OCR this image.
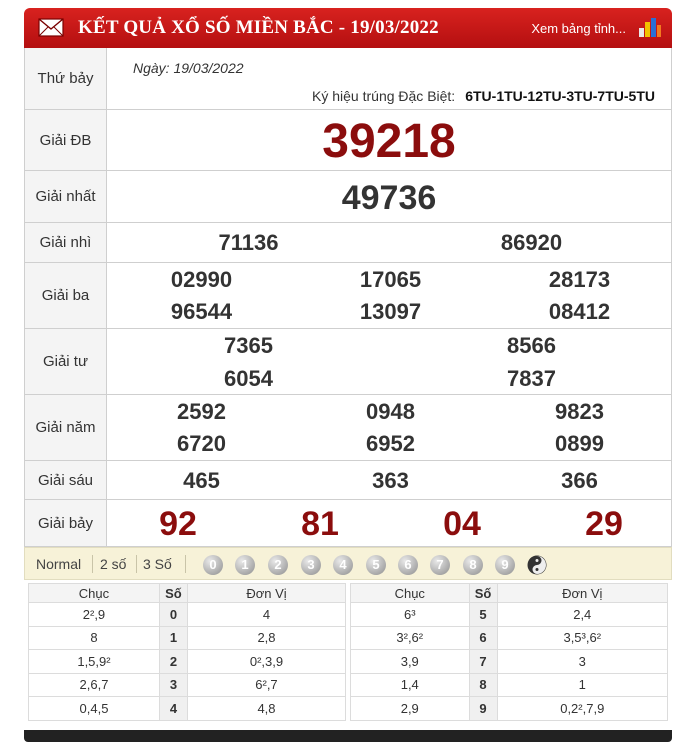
KẾT QUẢ XỔ SỐ MIỀN BẮC - 19/03/2022	Xem bảng tỉnh...
Thứ bảy
Ngày: 19/03/2022
Ký hiệu trúng Đặc Biệt: 6TU-1TU-12TU-3TU-7TU-5TU
Giải ĐB	39218
Giải nhất	49736
Giải nhì	71136	86920
Giải ba
02990	17065	28173
96544	13097	08412
Giải tư
7365	8566
6054	7837
Giải năm
2592	0948	9823
6720	6952	0899
Giải sáu	465	363	366
Giải bảy	92	81	04	29
Normal 2 số 3 Số	0	1	2	3	4	5	6	7	8	9
Chục	Số	Đơn Vị
2²,9	0	4
8	1	2,8
1,5,9²	2	0²,3,9
2,6,7	3	6²,7
0,4,5	4	4,8
Chục	Số	Đơn Vị
6³	5	2,4
3²,6²	6	3,5³,6²
3,9	7	3
1,4	8	1
2,9	9	0,2²,7,9
